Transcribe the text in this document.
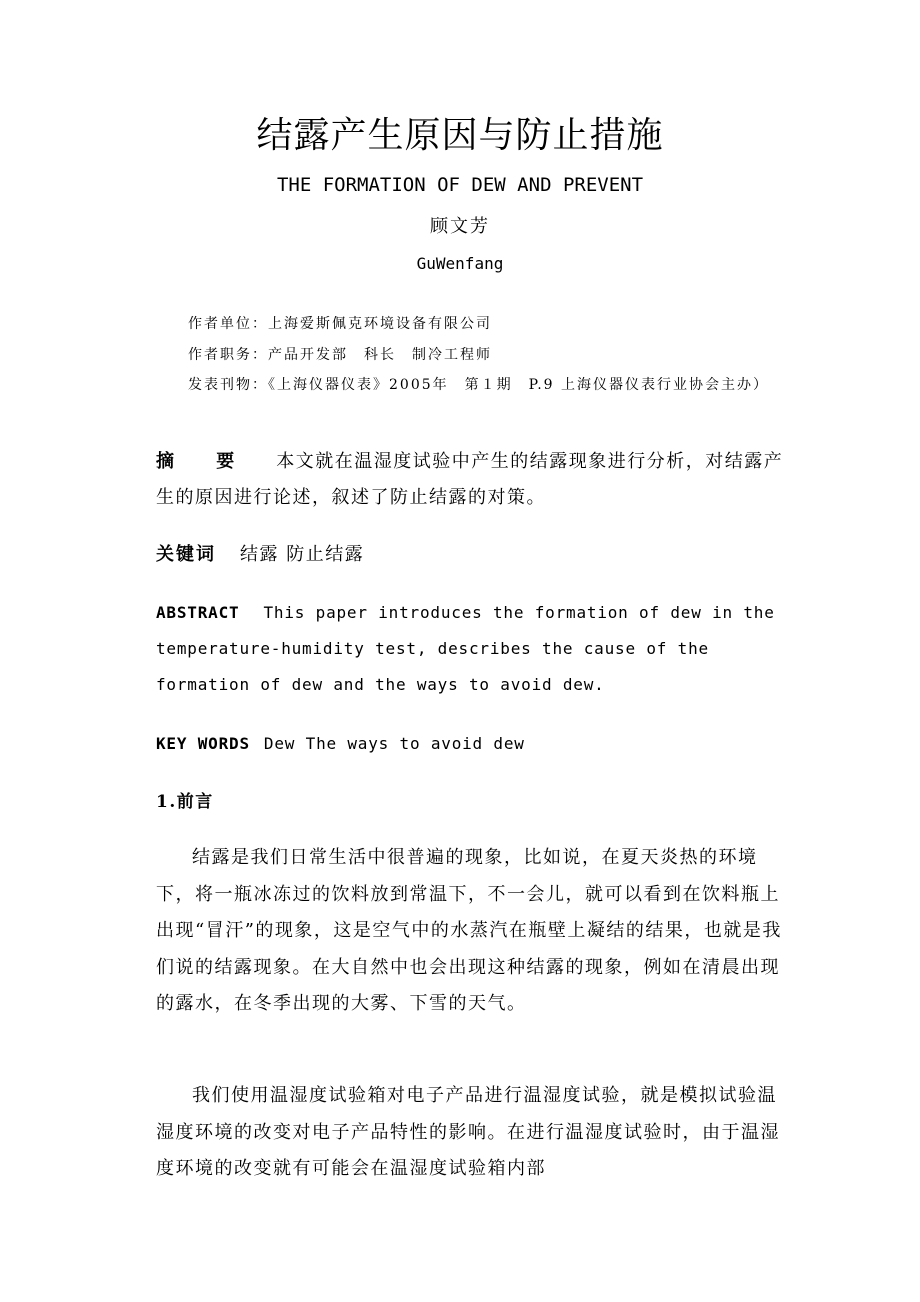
结露产生原因与防止措施
THE FORMATION OF DEW AND PREVENT
顾文芳
GuWenfang
作者单位：上海爱斯佩克环境设备有限公司
作者职务：产品开发部　科长　制冷工程师
发表刊物：《上海仪器仪表》2005年　第１期　P.9 上海仪器仪表行业协会主办）
摘 要 本文就在温湿度试验中产生的结露现象进行分析，对结露产生的原因进行论述，叙述了防止结露的对策。
关键词 结露 防止结露
ABSTRACT This paper introduces the formation of dew in the temperature-humidity test, describes the cause of the formation of dew and the ways to avoid dew.
KEY WORDS Dew The ways to avoid dew
1.前言
结露是我们日常生活中很普遍的现象，比如说，在夏天炎热的环境下，将一瓶冰冻过的饮料放到常温下，不一会儿，就可以看到在饮料瓶上出现“冒汗”的现象，这是空气中的水蒸汽在瓶壁上凝结的结果，也就是我们说的结露现象。在大自然中也会出现这种结露的现象，例如在清晨出现的露水，在冬季出现的大雾、下雪的天气。
我们使用温湿度试验箱对电子产品进行温湿度试验，就是模拟试验温湿度环境的改变对电子产品特性的影响。在进行温湿度试验时，由于温湿度环境的改变就有可能会在温湿度试验箱内部
